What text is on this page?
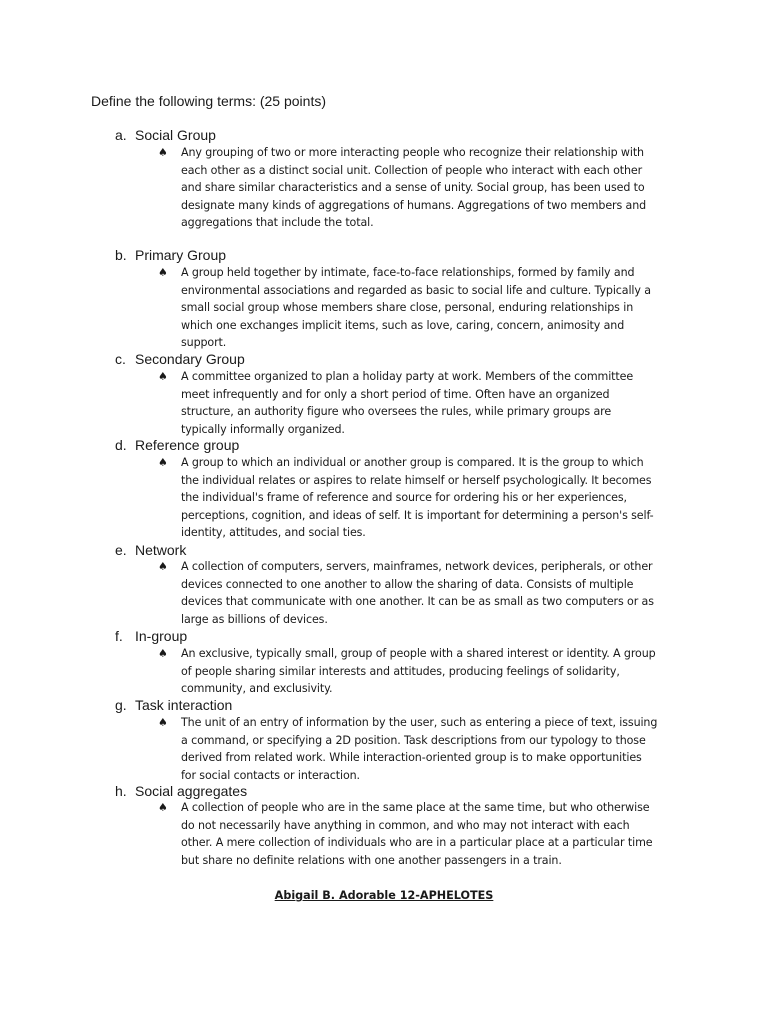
Define the following terms: (25 points)
a. Social Group
♠ Any grouping of two or more interacting people who recognize their relationship with each other as a distinct social unit. Collection of people who interact with each other and share similar characteristics and a sense of unity. Social group, has been used to designate many kinds of aggregations of humans. Aggregations of two members and aggregations that include the total.
b. Primary Group
♠ A group held together by intimate, face-to-face relationships, formed by family and environmental associations and regarded as basic to social life and culture. Typically a small social group whose members share close, personal, enduring relationships in which one exchanges implicit items, such as love, caring, concern, animosity and support.
c. Secondary Group
♠ A committee organized to plan a holiday party at work. Members of the committee meet infrequently and for only a short period of time. Often have an organized structure, an authority figure who oversees the rules, while primary groups are typically informally organized.
d. Reference group
♠ A group to which an individual or another group is compared. It is the group to which the individual relates or aspires to relate himself or herself psychologically. It becomes the individual's frame of reference and source for ordering his or her experiences, perceptions, cognition, and ideas of self. It is important for determining a person's self-identity, attitudes, and social ties.
e. Network
♠ A collection of computers, servers, mainframes, network devices, peripherals, or other devices connected to one another to allow the sharing of data. Consists of multiple devices that communicate with one another. It can be as small as two computers or as large as billions of devices.
f. In-group
♠ An exclusive, typically small, group of people with a shared interest or identity. A group of people sharing similar interests and attitudes, producing feelings of solidarity, community, and exclusivity.
g. Task interaction
♠ The unit of an entry of information by the user, such as entering a piece of text, issuing a command, or specifying a 2D position. Task descriptions from our typology to those derived from related work. While interaction-oriented group is to make opportunities for social contacts or interaction.
h. Social aggregates
♠ A collection of people who are in the same place at the same time, but who otherwise do not necessarily have anything in common, and who may not interact with each other. A mere collection of individuals who are in a particular place at a particular time but share no definite relations with one another passengers in a train.
Abigail B. Adorable 12-APHELOTES
